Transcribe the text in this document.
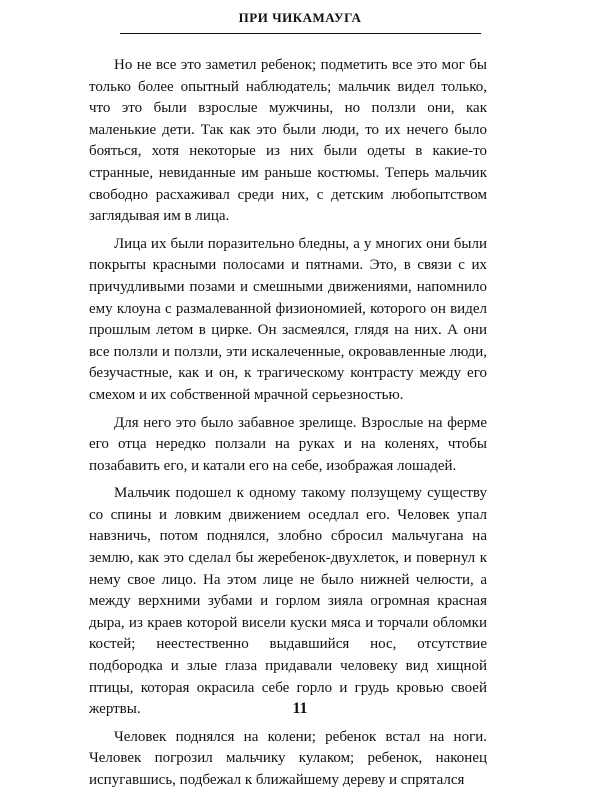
ПРИ ЧИКАМАУГА

Но не все это заметил ребенок; подметить все это мог бы только более опытный наблюдатель; мальчик видел только, что это были взрослые мужчины, но ползли они, как маленькие дети. Так как это были люди, то их нечего было бояться, хотя некоторые из них были одеты в какие-то странные, невиданные им раньше костюмы. Теперь мальчик свободно расхаживал среди них, с детским любопытством заглядывая им в лица.

Лица их были поразительно бледны, а у многих они были покрыты красными полосами и пятнами. Это, в связи с их причудливыми позами и смешными движениями, напомнило ему клоуна с размалеванной физиономией, которого он видел прошлым летом в цирке. Он засмеялся, глядя на них. А они все ползли и ползли, эти искалеченные, окровавленные люди, безучастные, как и он, к трагическому контрасту между его смехом и их собственной мрачной серьезностью.

Для него это было забавное зрелище. Взрослые на ферме его отца нередко ползали на руках и на коленях, чтобы позабавить его, и катали его на себе, изображая лошадей.

Мальчик подошел к одному такому ползущему существу со спины и ловким движением оседлал его. Человек упал навзничь, потом поднялся, злобно сбросил мальчугана на землю, как это сделал бы жеребенок-двухлеток, и повернул к нему свое лицо. На этом лице не было нижней челюсти, а между верхними зубами и горлом зияла огромная красная дыра, из краев которой висели куски мяса и торчали обломки костей; неестественно выдавшийся нос, отсутствие подбородка и злые глаза придавали человеку вид хищной птицы, которая окрасила себе горло и грудь кровью своей жертвы.

Человек поднялся на колени; ребенок встал на ноги. Человек погрозил мальчику кулаком; ребенок, наконец испугавшись, подбежал к ближайшему дереву и спрятался

11
